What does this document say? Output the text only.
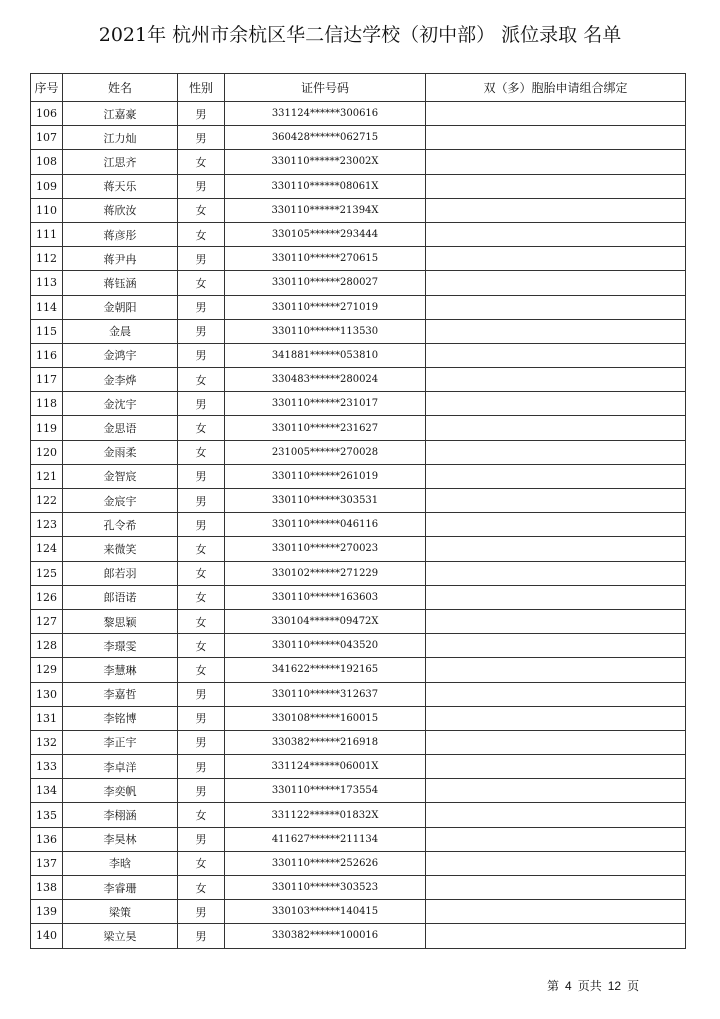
2021年 杭州市余杭区华二信达学校（初中部） 派位录取 名单
序号	姓名	性别	证件号码	双（多）胞胎申请组合绑定
106	江嘉豪	男	331124******300616	
107	江力灿	男	360428******062715	
108	江思齐	女	330110******23002X	
109	蒋天乐	男	330110******08061X	
110	蒋欣汝	女	330110******21394X	
111	蒋彦彤	女	330105******293444	
112	蒋尹冉	男	330110******270615	
113	蒋钰涵	女	330110******280027	
114	金朝阳	男	330110******271019	
115	金晨	男	330110******113530	
116	金鸿宇	男	341881******053810	
117	金李烨	女	330483******280024	
118	金沈宇	男	330110******231017	
119	金思语	女	330110******231627	
120	金雨柔	女	231005******270028	
121	金智宸	男	330110******261019	
122	金宸宇	男	330110******303531	
123	孔令希	男	330110******046116	
124	来微笑	女	330110******270023	
125	郎若羽	女	330102******271229	
126	郎语诺	女	330110******163603	
127	黎思颖	女	330104******09472X	
128	李璟雯	女	330110******043520	
129	李慧琳	女	341622******192165	
130	李嘉哲	男	330110******312637	
131	李铭博	男	330108******160015	
132	李正宇	男	330382******216918	
133	李卓洋	男	331124******06001X	
134	李奕帆	男	330110******173554	
135	李栩涵	女	331122******01832X	
136	李昊林	男	411627******211134	
137	李晗	女	330110******252626	
138	李睿珊	女	330110******303523	
139	梁策	男	330103******140415	
140	梁立昊	男	330382******100016	
第 4 页共 12 页
